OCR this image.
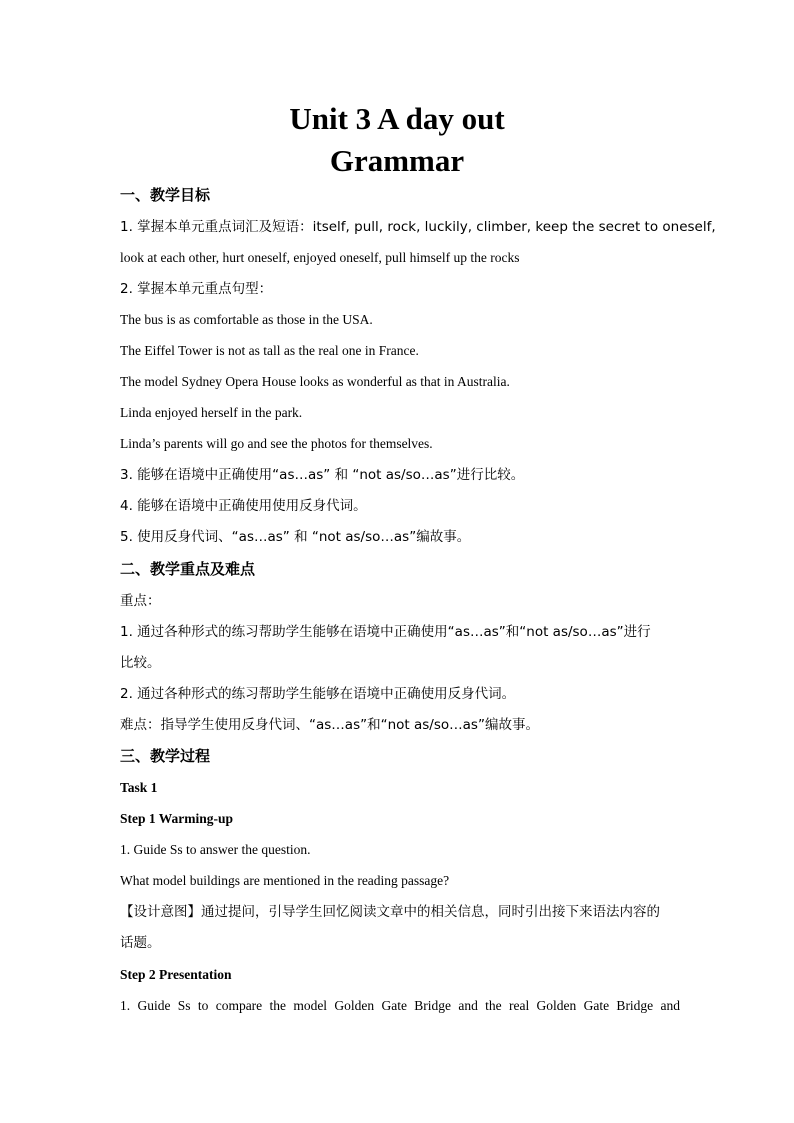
Unit 3 A day out
Grammar
一、教学目标
1. 掌握本单元重点词汇及短语：itself, pull, rock, luckily, climber, keep the secret to oneself,
look at each other, hurt oneself, enjoyed oneself, pull himself up the rocks
2. 掌握本单元重点句型：
The bus is as comfortable as those in the USA.
The Eiffel Tower is not as tall as the real one in France.
The model Sydney Opera House looks as wonderful as that in Australia.
Linda enjoyed herself in the park.
Linda’s parents will go and see the photos for themselves.
3. 能够在语境中正确使用“as…as” 和 “not as/so…as”进行比较。
4. 能够在语境中正确使用使用反身代词。
5. 使用反身代词、“as…as” 和 “not as/so…as”编故事。
二、教学重点及难点
重点：
1. 通过各种形式的练习帮助学生能够在语境中正确使用“as…as”和“not as/so…as”进行
比较。
2. 通过各种形式的练习帮助学生能够在语境中正确使用反身代词。
难点：指导学生使用反身代词、“as…as”和“not as/so…as”编故事。
三、教学过程
Task 1
Step 1 Warming-up
1. Guide Ss to answer the question.
What model buildings are mentioned in the reading passage?
【设计意图】通过提问，引导学生回忆阅读文章中的相关信息，同时引出接下来语法内容的
话题。
Step 2 Presentation
1. Guide Ss to compare the model Golden Gate Bridge and the real Golden Gate Bridge and
